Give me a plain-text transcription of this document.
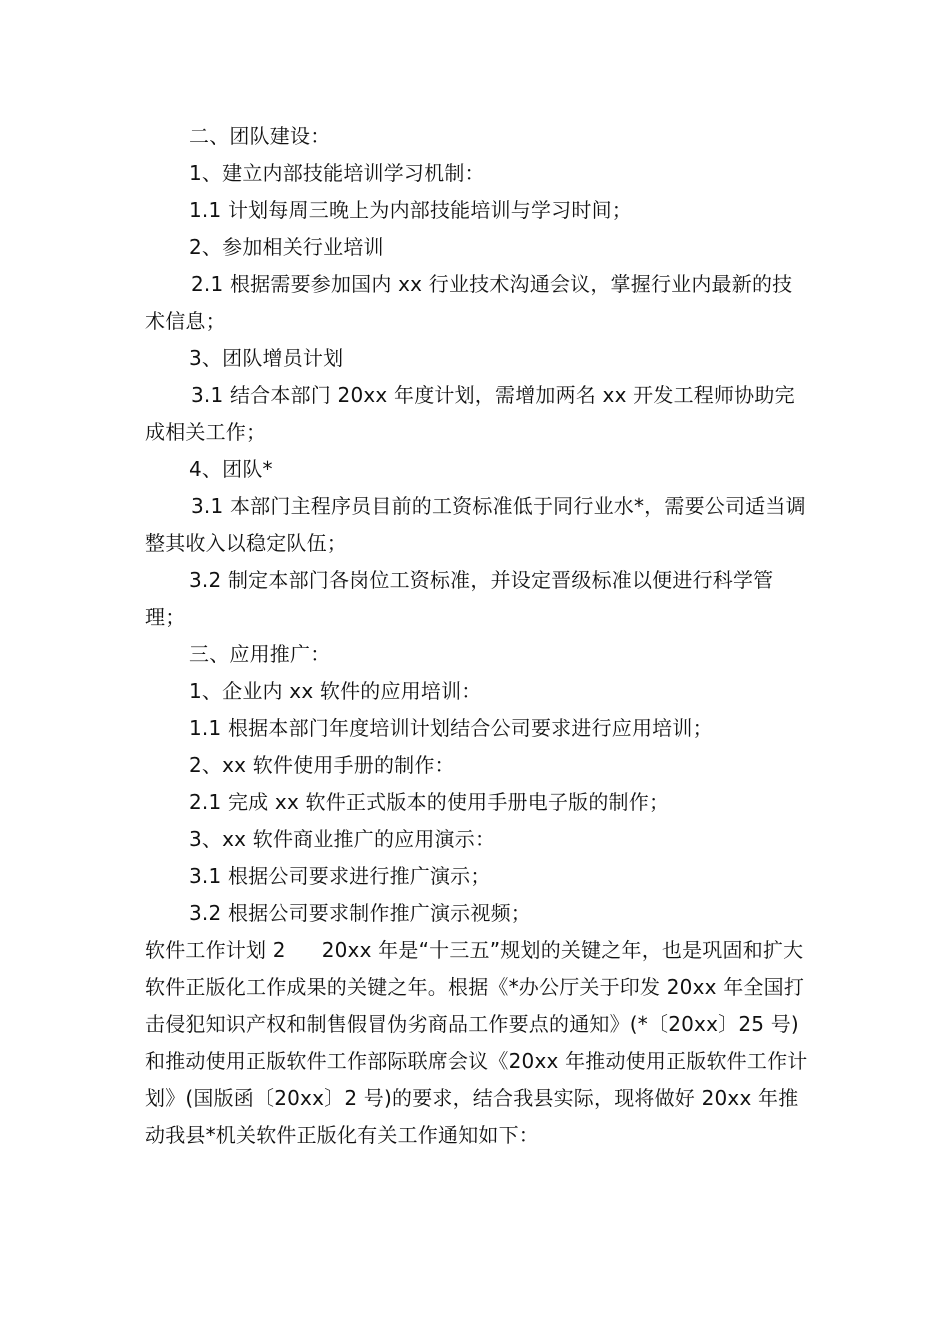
二、团队建设：

1、建立内部技能培训学习机制：

1.1 计划每周三晚上为内部技能培训与学习时间；

2、参加相关行业培训

2.1 根据需要参加国内 xx 行业技术沟通会议，掌握行业内最新的技术信息；

3、团队增员计划

3.1 结合本部门 20xx 年度计划，需增加两名 xx 开发工程师协助完成相关工作；

4、团队*

3.1 本部门主程序员目前的工资标准低于同行业水*，需要公司适当调整其收入以稳定队伍；

3.2 制定本部门各岗位工资标准，并设定晋级标准以便进行科学管理；

三、应用推广：

1、企业内 xx 软件的应用培训：

1.1 根据本部门年度培训计划结合公司要求进行应用培训；

2、xx 软件使用手册的制作：

2.1 完成 xx 软件正式版本的使用手册电子版的制作；

3、xx 软件商业推广的应用演示：

3.1 根据公司要求进行推广演示；

3.2 根据公司要求制作推广演示视频；

软件工作计划 2 20xx 年是“十三五”规划的关键之年，也是巩固和扩大软件正版化工作成果的关键之年。根据《*办公厅关于印发 20xx 年全国打击侵犯知识产权和制售假冒伪劣商品工作要点的通知》(*〔20xx〕25 号)和推动使用正版软件工作部际联席会议《20xx 年推动使用正版软件工作计划》(国版函〔20xx〕2 号)的要求，结合我县实际，现将做好 20xx 年推动我县*机关软件正版化有关工作通知如下：
